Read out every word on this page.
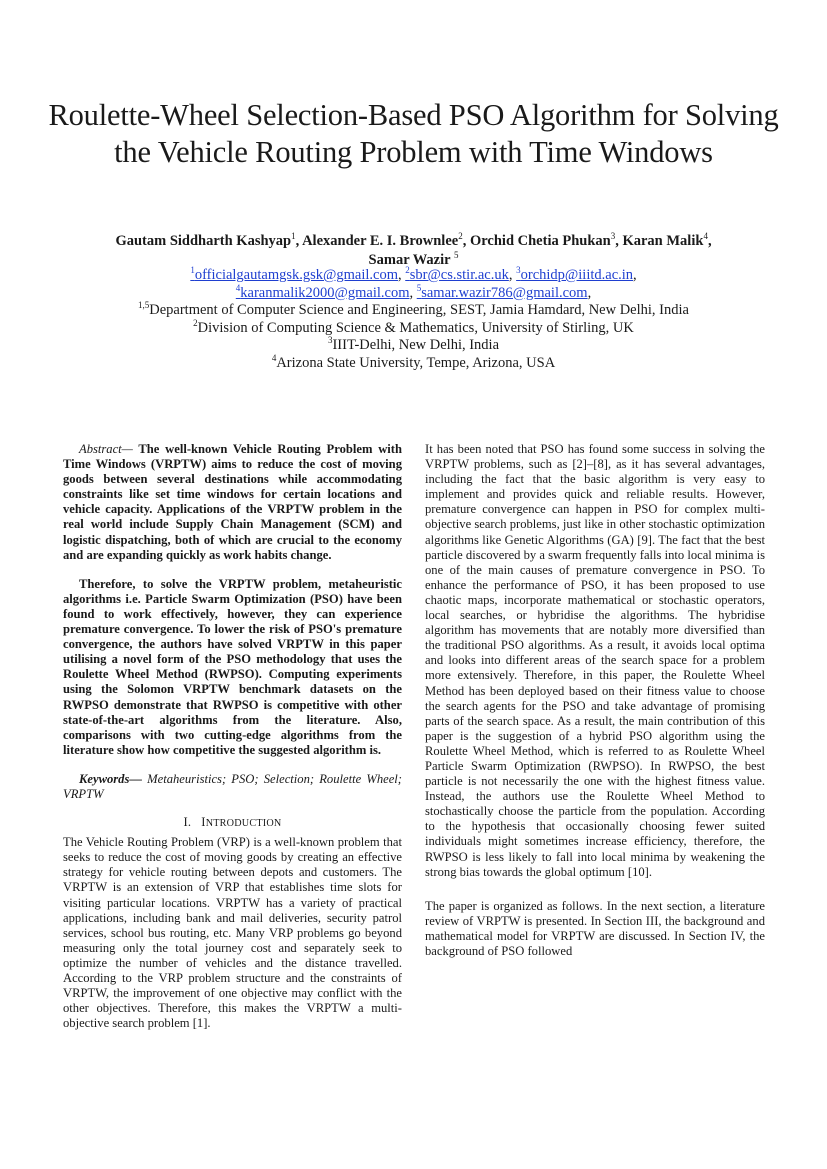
Roulette-Wheel Selection-Based PSO Algorithm for Solving the Vehicle Routing Problem with Time Windows
Gautam Siddharth Kashyap$^1$, Alexander E. I. Brownlee$^2$, Orchid Chetia Phukan$^3$, Karan Malik$^4$, Samar Wazir $^5$
$^1$officialgautamgsk.gsk@gmail.com, $^2$sbr@cs.stir.ac.uk, $^3$orchidp@iiitd.ac.in,
$^4$karanmalik2000@gmail.com, $^5$samar.wazir786@gmail.com,
$^{1,5}$Department of Computer Science and Engineering, SEST, Jamia Hamdard, New Delhi, India
$^2$Division of Computing Science & Mathematics, University of Stirling, UK
$^3$IIIT-Delhi, New Delhi, India
$^4$Arizona State University, Tempe, Arizona, USA

Abstract— The well-known Vehicle Routing Problem with Time Windows (VRPTW) aims to reduce the cost of moving goods between several destinations while accommodating constraints like set time windows for certain locations and vehicle capacity. Applications of the VRPTW problem in the real world include Supply Chain Management (SCM) and logistic dispatching, both of which are crucial to the economy and are expanding quickly as work habits change.

Therefore, to solve the VRPTW problem, metaheuristic algorithms i.e. Particle Swarm Optimization (PSO) have been found to work effectively, however, they can experience premature convergence. To lower the risk of PSO's premature convergence, the authors have solved VRPTW in this paper utilising a novel form of the PSO methodology that uses the Roulette Wheel Method (RWPSO). Computing experiments using the Solomon VRPTW benchmark datasets on the RWPSO demonstrate that RWPSO is competitive with other state-of-the-art algorithms from the literature. Also, comparisons with two cutting-edge algorithms from the literature show how competitive the suggested algorithm is.

Keywords— Metaheuristics; PSO; Selection; Roulette Wheel; VRPTW

I. INTRODUCTION

The Vehicle Routing Problem (VRP) is a well-known problem that seeks to reduce the cost of moving goods by creating an effective strategy for vehicle routing between depots and customers. The VRPTW is an extension of VRP that establishes time slots for visiting particular locations. VRPTW has a variety of practical applications, including bank and mail deliveries, security patrol services, school bus routing, etc. Many VRP problems go beyond measuring only the total journey cost and separately seek to optimize the number of vehicles and the distance travelled. According to the VRP problem structure and the constraints of VRPTW, the improvement of one objective may conflict with the other objectives. Therefore, this makes the VRPTW a multi-objective search problem [1].

It has been noted that PSO has found some success in solving the VRPTW problems, such as [2]–[8], as it has several advantages, including the fact that the basic algorithm is very easy to implement and provides quick and reliable results. However, premature convergence can happen in PSO for complex multi-objective search problems, just like in other stochastic optimization algorithms like Genetic Algorithms (GA) [9]. The fact that the best particle discovered by a swarm frequently falls into local minima is one of the main causes of premature convergence in PSO. To enhance the performance of PSO, it has been proposed to use chaotic maps, incorporate mathematical or stochastic operators, local searches, or hybridise the algorithms. The hybridise algorithm has movements that are notably more diversified than the traditional PSO algorithms. As a result, it avoids local optima and looks into different areas of the search space for a problem more extensively. Therefore, in this paper, the Roulette Wheel Method has been deployed based on their fitness value to choose the search agents for the PSO and take advantage of promising parts of the search space. As a result, the main contribution of this paper is the suggestion of a hybrid PSO algorithm using the Roulette Wheel Method, which is referred to as Roulette Wheel Particle Swarm Optimization (RWPSO). In RWPSO, the best particle is not necessarily the one with the highest fitness value. Instead, the authors use the Roulette Wheel Method to stochastically choose the particle from the population. According to the hypothesis that occasionally choosing fewer suited individuals might sometimes increase efficiency, therefore, the RWPSO is less likely to fall into local minima by weakening the strong bias towards the global optimum [10].

The paper is organized as follows. In the next section, a literature review of VRPTW is presented. In Section III, the background and mathematical model for VRPTW are discussed. In Section IV, the background of PSO followed
